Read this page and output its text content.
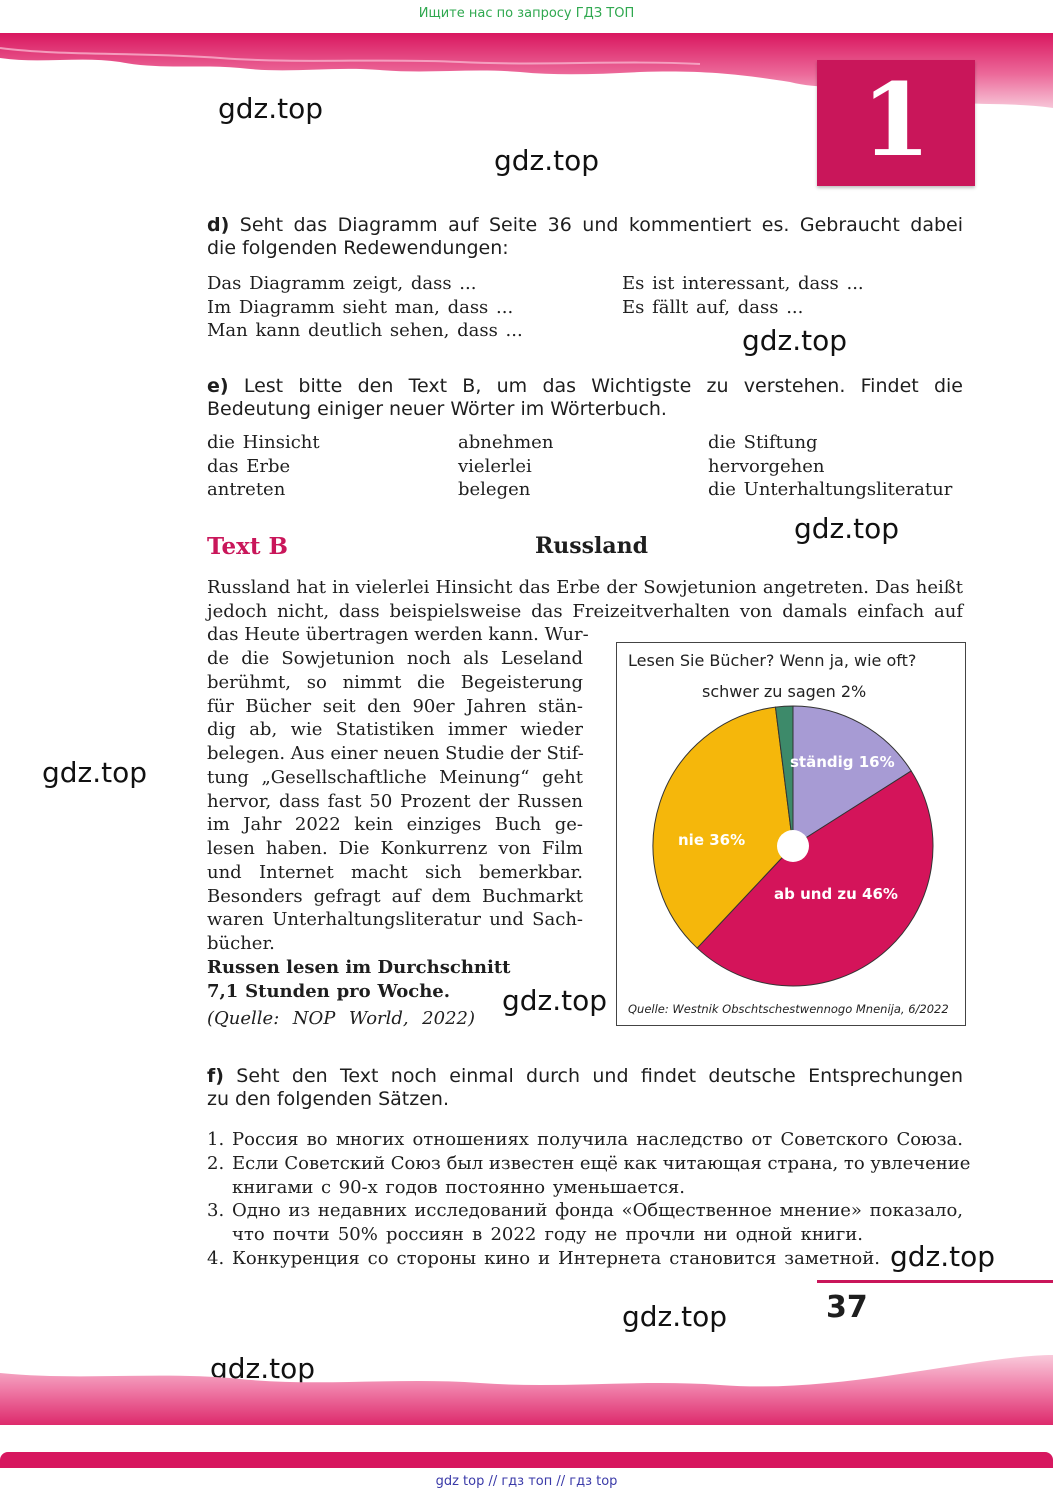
Ищите нас по запросу ГДЗ ТОП
1
gdz.top
gdz.top
gdz.top
gdz.top
gdz.top
gdz.top
gdz.top
gdz.top
gdz.top
d) Seht das Diagramm auf Seite 36 und kommentiert es. Gebraucht dabei
die folgenden Redewendungen:
Das Diagramm zeigt, dass ...
Im Diagramm sieht man, dass ...
Man kann deutlich sehen, dass ...
Es ist interessant, dass ...
Es fällt auf, dass ...
e) Lest bitte den Text B, um das Wichtigste zu verstehen. Findet die
Bedeutung einiger neuer Wörter im Wörterbuch.
die Hinsicht
das Erbe
antreten
abnehmen
vielerlei
belegen
die Stiftung
hervorgehen
die Unterhaltungsliteratur
Text B	Russland
Russland hat in vielerlei Hinsicht das Erbe der Sowjetunion angetreten. Das heißt
jedoch nicht, dass beispielsweise das Freizeitverhalten von damals einfach auf
das Heute übertragen werden kann. Wur-
de die Sowjetunion noch als Leseland
berühmt, so nimmt die Begeisterung
für Bücher seit den 90er Jahren stän-
dig ab, wie Statistiken immer wieder
belegen. Aus einer neuen Studie der Stif-
tung „Gesellschaftliche Meinung“ geht
hervor, dass fast 50 Prozent der Russen
im Jahr 2022 kein einziges Buch ge-
lesen haben. Die Konkurrenz von Film
und Internet macht sich bemerkbar.
Besonders gefragt auf dem Buchmarkt
waren Unterhaltungsliteratur und Sach-
bücher.
Russen lesen im Durchschnitt
7,1 Stunden pro Woche.
(Quelle: NOP World, 2022)
Lesen Sie Bücher? Wenn ja, wie oft?
schwer zu sagen 2%
ständig 16%
nie 36%
ab und zu 46%
Quelle: Westnik Obschtschestwennogo Mnenija, 6/2022
f) Seht den Text noch einmal durch und findet deutsche Entsprechungen
zu den folgenden Sätzen.
1. Россия во многих отношениях получила наследство от Советского Союза.
2. Если Советский Союз был известен ещё как читающая страна, то увлечение
книгами с 90-х годов постоянно уменьшается.
3. Одно из недавних исследований фонда «Общественное мнение» показало,
что почти 50% россиян в 2022 году не прочли ни одной книги.
4. Конкуренция со стороны кино и Интернета становится заметной.
37
gdz top // гдз топ // гдз top
